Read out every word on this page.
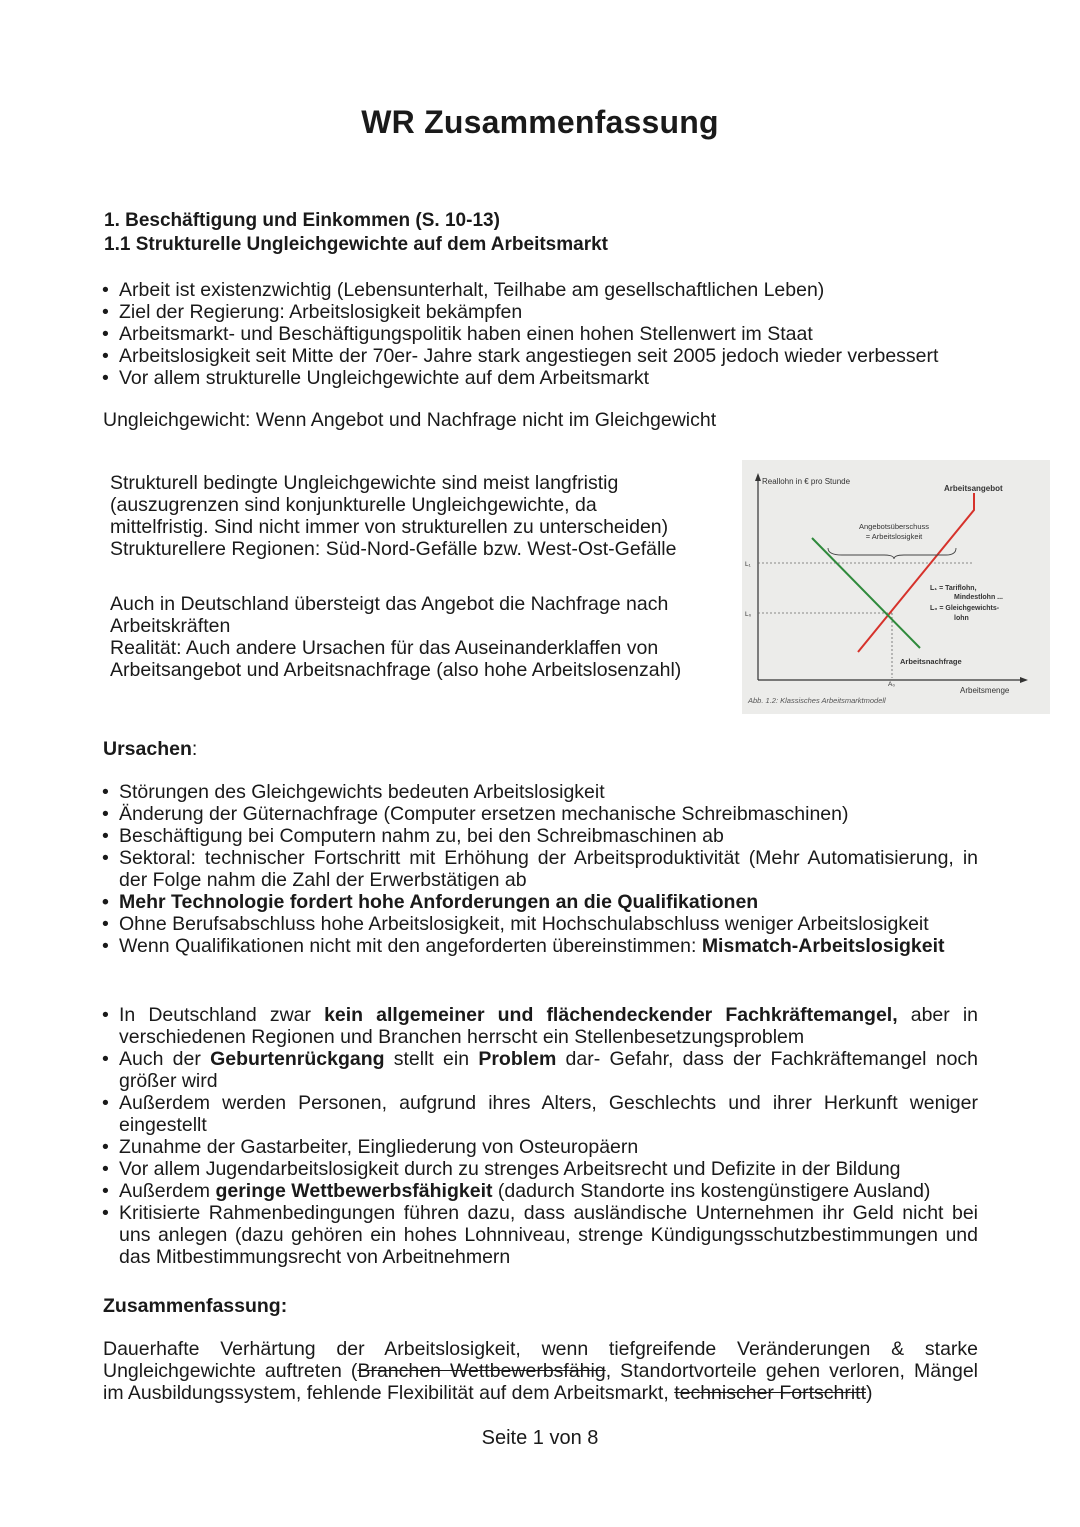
WR Zusammenfassung
1. Beschäftigung und Einkommen (S. 10-13)
1.1 Strukturelle Ungleichgewichte auf dem Arbeitsmarkt
• Arbeit ist existenzwichtig (Lebensunterhalt, Teilhabe am gesellschaftlichen Leben)
• Ziel der Regierung: Arbeitslosigkeit bekämpfen
• Arbeitsmarkt- und Beschäftigungspolitik haben einen hohen Stellenwert im Staat
• Arbeitslosigkeit seit Mitte der 70er- Jahre stark angestiegen seit 2005 jedoch wieder verbessert
• Vor allem strukturelle Ungleichgewichte auf dem Arbeitsmarkt
Ungleichgewicht: Wenn Angebot und Nachfrage nicht im Gleichgewicht
Strukturell bedingte Ungleichgewichte sind meist langfristig
(auszugrenzen sind konjunkturelle Ungleichgewichte, da
mittelfristig. Sind nicht immer von strukturellen zu unterscheiden)
Strukturellere Regionen: Süd-Nord-Gefälle bzw. West-Ost-Gefälle
Auch in Deutschland übersteigt das Angebot die Nachfrage nach
Arbeitskräften
Realität: Auch andere Ursachen für das Auseinanderklaffen von
Arbeitsangebot und Arbeitsnachfrage (also hohe Arbeitslosenzahl)
Reallohn in € pro Stunde
Arbeitsmenge
L₁
L₀
A₀
Arbeitsangebot
Arbeitsnachfrage
Angebotsüberschuss
= Arbeitslosigkeit
L₁ = Tariflohn,
Mindestlohn ...
L₀ = Gleichgewichts-
lohn
Abb. 1.2: Klassisches Arbeitsmarktmodell
Ursachen:
• Störungen des Gleichgewichts bedeuten Arbeitslosigkeit
• Änderung der Güternachfrage (Computer ersetzen mechanische Schreibmaschinen)
• Beschäftigung bei Computern nahm zu, bei den Schreibmaschinen ab
• Sektoral: technischer Fortschritt mit Erhöhung der Arbeitsproduktivität (Mehr Automatisierung, in der Folge nahm die Zahl der Erwerbstätigen ab
• Mehr Technologie fordert hohe Anforderungen an die Qualifikationen
• Ohne Berufsabschluss hohe Arbeitslosigkeit, mit Hochschulabschluss weniger Arbeitslosigkeit
• Wenn Qualifikationen nicht mit den angeforderten übereinstimmen: Mismatch-Arbeitslosigkeit
• In Deutschland zwar kein allgemeiner und flächendeckender Fachkräftemangel, aber in verschiedenen Regionen und Branchen herrscht ein Stellenbesetzungsproblem
• Auch der Geburtenrückgang stellt ein Problem dar- Gefahr, dass der Fachkräftemangel noch größer wird
• Außerdem werden Personen, aufgrund ihres Alters, Geschlechts und ihrer Herkunft weniger eingestellt
• Zunahme der Gastarbeiter, Eingliederung von Osteuropäern
• Vor allem Jugendarbeitslosigkeit durch zu strenges Arbeitsrecht und Defizite in der Bildung
• Außerdem geringe Wettbewerbsfähigkeit (dadurch Standorte ins kostengünstigere Ausland)
• Kritisierte Rahmenbedingungen führen dazu, dass ausländische Unternehmen ihr Geld nicht bei uns anlegen (dazu gehören ein hohes Lohnniveau, strenge Kündigungsschutzbestimmungen und das Mitbestimmungsrecht von Arbeitnehmern
Zusammenfassung:
Dauerhafte Verhärtung der Arbeitslosigkeit, wenn tiefgreifende Veränderungen & starke Ungleichgewichte auftreten (Branchen Wettbewerbsfähig, Standortvorteile gehen verloren, Mängel im Ausbildungssystem, fehlende Flexibilität auf dem Arbeitsmarkt, technischer Fortschritt)
Seite 1 von 8
